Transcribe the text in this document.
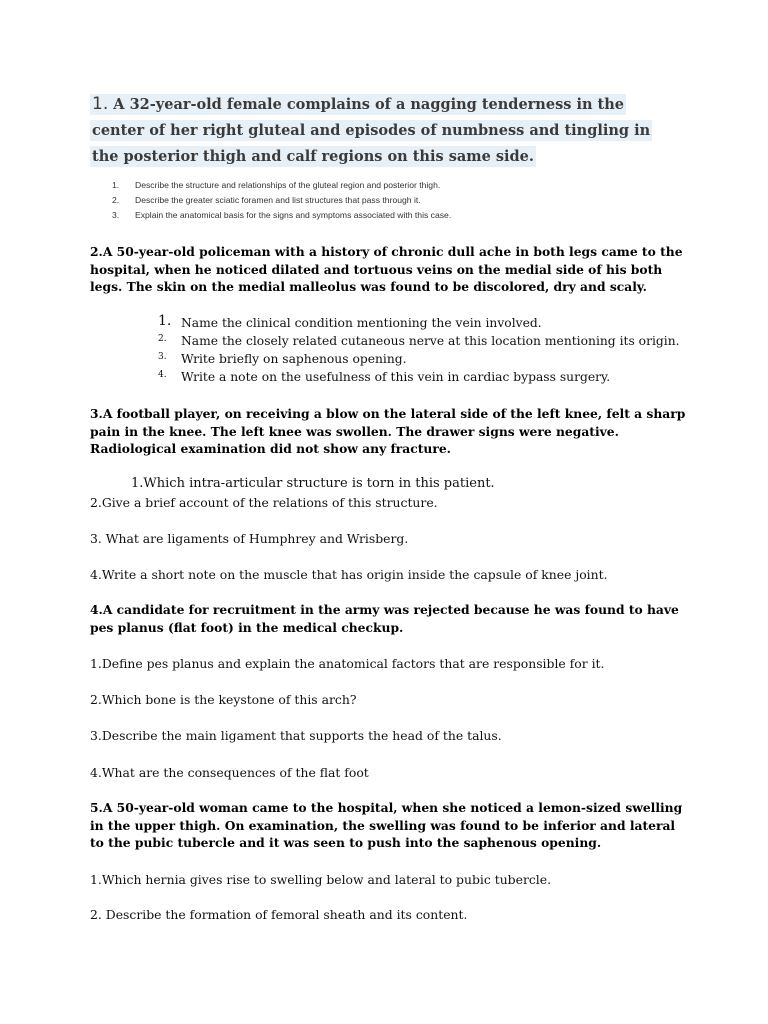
1. A 32-year-old female complains of a nagging tenderness in the center of her right gluteal and episodes of numbness and tingling in the posterior thigh and calf regions on this same side.
1. Describe the structure and relationships of the gluteal region and posterior thigh.
2. Describe the greater sciatic foramen and list structures that pass through it.
3. Explain the anatomical basis for the signs and symptoms associated with this case.
2.A 50-year-old policeman with a history of chronic dull ache in both legs came to the hospital, when he noticed dilated and tortuous veins on the medial side of his both legs. The skin on the medial malleolus was found to be discolored, dry and scaly.
1. Name the clinical condition mentioning the vein involved.
2. Name the closely related cutaneous nerve at this location mentioning its origin.
3. Write briefly on saphenous opening.
4. Write a note on the usefulness of this vein in cardiac bypass surgery.
3.A football player, on receiving a blow on the lateral side of the left knee, felt a sharp pain in the knee. The left knee was swollen. The drawer signs were negative. Radiological examination did not show any fracture.
1.Which intra-articular structure is torn in this patient.
2.Give a brief account of the relations of this structure.
3. What are ligaments of Humphrey and Wrisberg.
4.Write a short note on the muscle that has origin inside the capsule of knee joint.
4.A candidate for recruitment in the army was rejected because he was found to have pes planus (flat foot) in the medical checkup.
1.Define pes planus and explain the anatomical factors that are responsible for it.
2.Which bone is the keystone of this arch?
3.Describe the main ligament that supports the head of the talus.
4.What are the consequences of the flat foot
5.A 50-year-old woman came to the hospital, when she noticed a lemon-sized swelling in the upper thigh. On examination, the swelling was found to be inferior and lateral to the pubic tubercle and it was seen to push into the saphenous opening.
1.Which hernia gives rise to swelling below and lateral to pubic tubercle.
2. Describe the formation of femoral sheath and its content.
